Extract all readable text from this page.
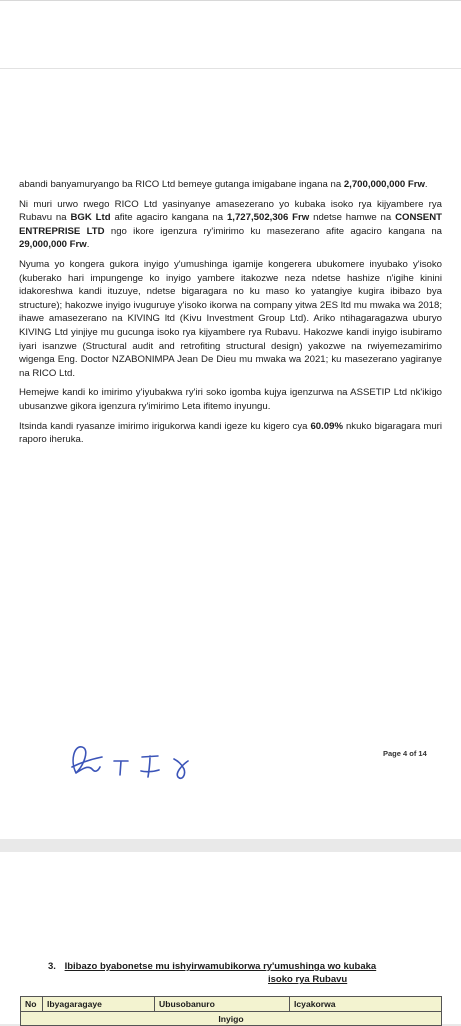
abandi banyamuryango ba RICO Ltd bemeye gutanga imigabane ingana na 2,700,000,000 Frw.

Ni muri urwo rwego RICO Ltd yasinyanye amasezerano yo kubaka isoko rya kijyambere rya Rubavu na BGK Ltd afite agaciro kangana na 1,727,502,306 Frw ndetse hamwe na CONSENT ENTREPRISE LTD ngo ikore igenzura ry'imirimo ku masezerano afite agaciro kangana na 29,000,000 Frw.

Nyuma yo kongera gukora inyigo y'umushinga igamije kongerera ubukomere inyubako y'isoko (kuberako hari impungenge ko inyigo yambere itakozwe neza ndetse hashize n'igihe kinini idakoreshwa kandi ituzuye, ndetse bigaragara no ku maso ko yatangiye kugira ibibazo bya structure); hakozwe inyigo ivuguruye y'isoko ikorwa na company yitwa 2ES ltd mu mwaka wa 2018; ihawe amasezerano na KIVING ltd (Kivu Investment Group Ltd). Ariko ntihagaragazwa uburyo KIVING Ltd yinjiye mu gucunga isoko rya kijyambere rya Rubavu. Hakozwe kandi inyigo isubiramo iyari isanzwe (Structural audit and retrofiting structural design) yakozwe na rwiyemezamirimo wigenga Eng. Doctor NZABONIMPA Jean De Dieu mu mwaka wa 2021; ku masezerano yagiranye na RICO Ltd.

Hemejwe kandi ko imirimo y'iyubakwa ry'iri soko igomba kujya igenzurwa na ASSETIP Ltd nk'ikigo ubusanzwe gikora igenzura ry'imirimo Leta ifitemo inyungu.

Itsinda kandi ryasanze imirimo irigukorwa kandi igeze ku kigero cya 60.09% nkuko bigaragara muri raporo iheruka.

Page 4 of 14
3. Ibibazo byabonetse mu ishyirwamubikorwa ry'umushinga wo kubaka
isoko rya Rubavu
No	Ibyagaragaye	Ubusobanuro	Icyakorwa
Inyigo
